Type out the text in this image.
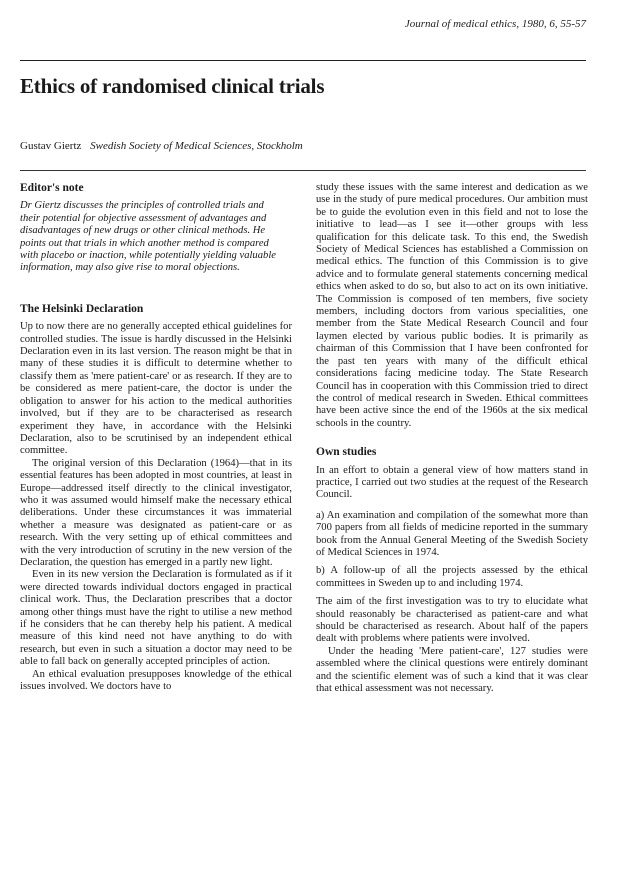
Journal of medical ethics, 1980, 6, 55-57
Ethics of randomised clinical trials
Gustav Giertz Swedish Society of Medical Sciences, Stockholm
Editor's note

Dr Giertz discusses the principles of controlled trials and their potential for objective assessment of advantages and disadvantages of new drugs or other clinical methods. He points out that trials in which another method is compared with placebo or inaction, while potentially yielding valuable information, may also give rise to moral objections.

The Helsinki Declaration

Up to now there are no generally accepted ethical guidelines for controlled studies. The issue is hardly discussed in the Helsinki Declaration even in its last version. The reason might be that in many of these studies it is difficult to determine whether to classify them as 'mere patient-care' or as research. If they are to be considered as mere patient-care, the doctor is under the obligation to answer for his action to the medical authorities involved, but if they are to be characterised as research experiment they have, in accordance with the Helsinki Declaration, also to be scrutinised by an independent ethical committee.

The original version of this Declaration (1964)—that in its essential features has been adopted in most countries, at least in Europe—addressed itself directly to the clinical investigator, who it was assumed would himself make the necessary ethical deliberations. Under these circumstances it was immaterial whether a measure was designated as patient-care or as research. With the very setting up of ethical committees and with the very introduction of scrutiny in the new version of the Declaration, the question has emerged in a partly new light.

Even in its new version the Declaration is formulated as if it were directed towards individual doctors engaged in practical clinical work. Thus, the Declaration prescribes that a doctor among other things must have the right to utilise a new method if he considers that he can thereby help his patient. A medical measure of this kind need not have anything to do with research, but even in such a situation a doctor may need to be able to fall back on generally accepted principles of action.

An ethical evaluation presupposes knowledge of the ethical issues involved. We doctors have to

study these issues with the same interest and dedication as we use in the study of pure medical procedures. Our ambition must be to guide the evolution even in this field and not to lose the initiative to lead—as I see it—other groups with less qualification for this delicate task. To this end, the Swedish Society of Medical Sciences has established a Commission on medical ethics. The function of this Commission is to give advice and to formulate general statements concerning medical ethics when asked to do so, but also to act on its own initiative. The Commission is composed of ten members, five society members, including doctors from various specialities, one member from the State Medical Research Council and four laymen elected by various public bodies. It is primarily as chairman of this Commission that I have been confronted for the past ten years with many of the difficult ethical considerations facing medicine today. The State Research Council has in cooperation with this Commission tried to direct the control of medical research in Sweden. Ethical committees have been active since the end of the 1960s at the six medical schools in the country.

Own studies

In an effort to obtain a general view of how matters stand in practice, I carried out two studies at the request of the Research Council.

a) An examination and compilation of the somewhat more than 700 papers from all fields of medicine reported in the summary book from the Annual General Meeting of the Swedish Society of Medical Sciences in 1974.

b) A follow-up of all the projects assessed by the ethical committees in Sweden up to and including 1974.

The aim of the first investigation was to try to elucidate what should reasonably be characterised as patient-care and what should be characterised as research. About half of the papers dealt with problems where patients were involved.

Under the heading 'Mere patient-care', 127 studies were assembled where the clinical questions were entirely dominant and the scientific element was of such a kind that it was clear that ethical assessment was not necessary.
